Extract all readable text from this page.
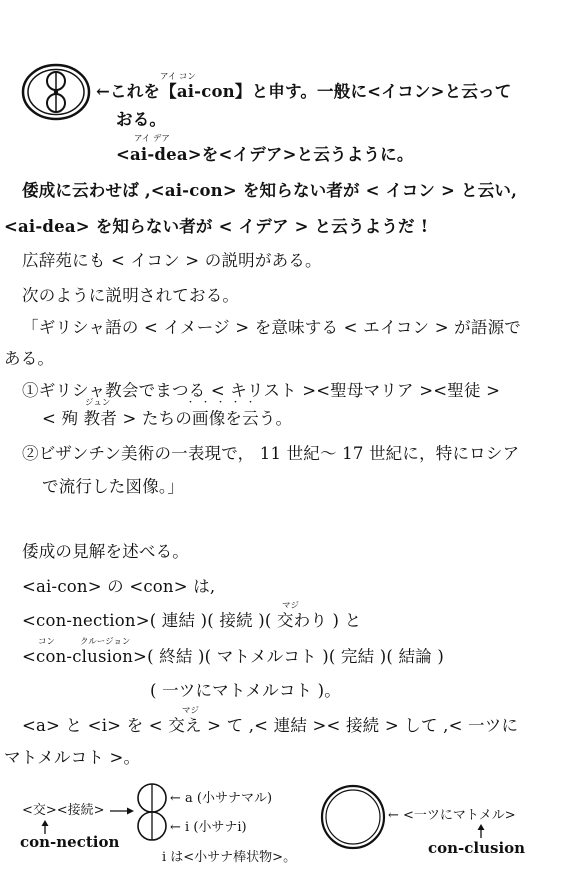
アイ コン
←これを【ai-con】と申す。一般に<イコン>と云って
おる。
アイ デア
<ai-dea>を<イデア>と云うように。
倭成に云わせば ,<ai-con> を知らない者が < イコン > と云い,
<ai-dea> を知らない者が < イデア > と云うようだ !
広辞苑にも < イコン > の説明がある。
次のように説明されておる。
「ギリシャ語の < イメージ > を意味する < エイコン > が語源で
ある。
①ギリシャ教会でまつる < キリスト ><聖母マリア ><聖徒 >
ジュン	・・・・・
< 殉 教者 > たちの画像を云う。
②ビザンチン美術の一表現で， 11 世紀〜 17 世紀に，特にロシア
で流行した図像。」
倭成の見解を述べる。
<ai-con> の <con> は,
マジ
<con-nection>( 連結 )( 接続 )( 交わり ) と
コン	クルージョン
<con-clusion>( 終結 )( マトメルコト )( 完結 )( 結論 )
( 一ツにマトメルコト )。
マジ
<a> と <i> を < 交え > て ,< 連結 >< 接続 > して ,< 一ツに
マトメルコト >。
<交><接続>
con-nection
← a (小サナマル)
← i (小サナi)
i は<小サナ棒状物>。
← <一ツにマトメル>
con-clusion
